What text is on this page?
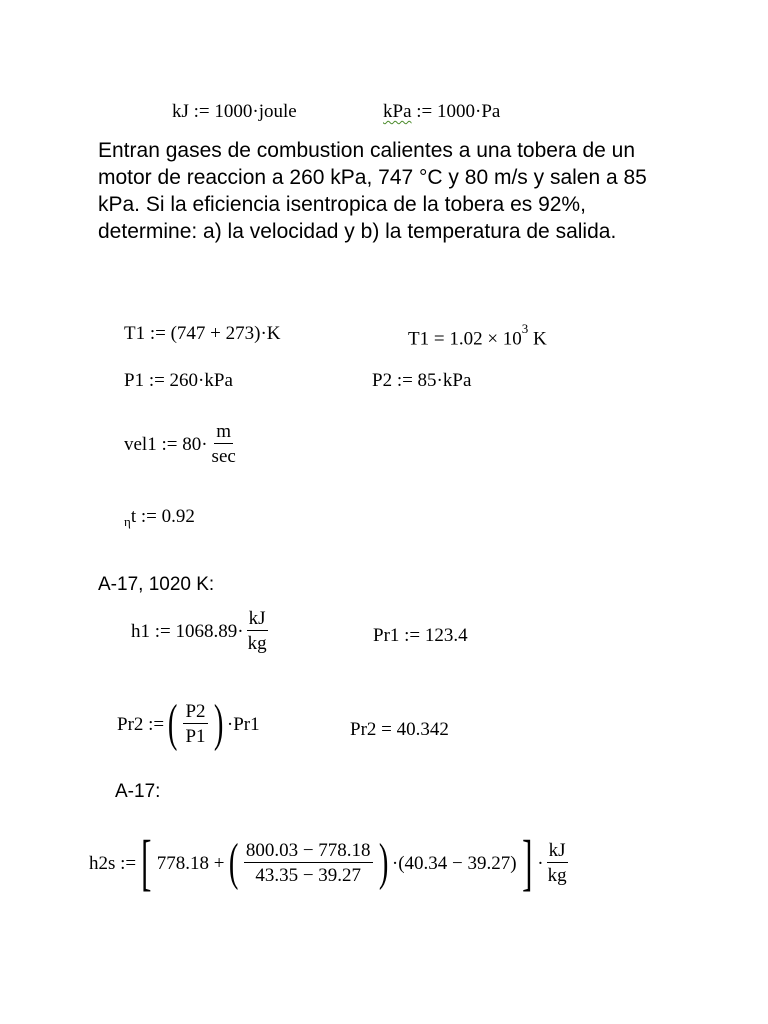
kJ := 1000·joule	kPa := 1000·Pa
Entran gases de combustion calientes a una tobera de un motor de reaccion a 260 kPa, 747 °C y 80 m/s y salen a 85 kPa. Si la eficiencia isentropica de la tobera es 92%, determine: a) la velocidad y b) la temperatura de salida.
T1 := (747 + 273)·K	$T1 = 1.02 \times 10^3$ K
P1 := 260·kPa	P2 := 85·kPa
vel1 := $80\cdot \frac{m}{\sec}$
$_\eta$t := 0.92
A-17, 1020 K:
h1 := $1068.89\cdot \frac{kJ}{kg}$	Pr1 := 123.4
Pr2 := ( $\frac{P2}{P1}$ ) ·Pr1	Pr2 = 40.342
A-17:
h2s := [ 778.18 + ( $\frac{800.03 - 778.18}{43.35 - 39.27}$ ) ·(40.34 − 39.27) ] · $\frac{kJ}{kg}$
